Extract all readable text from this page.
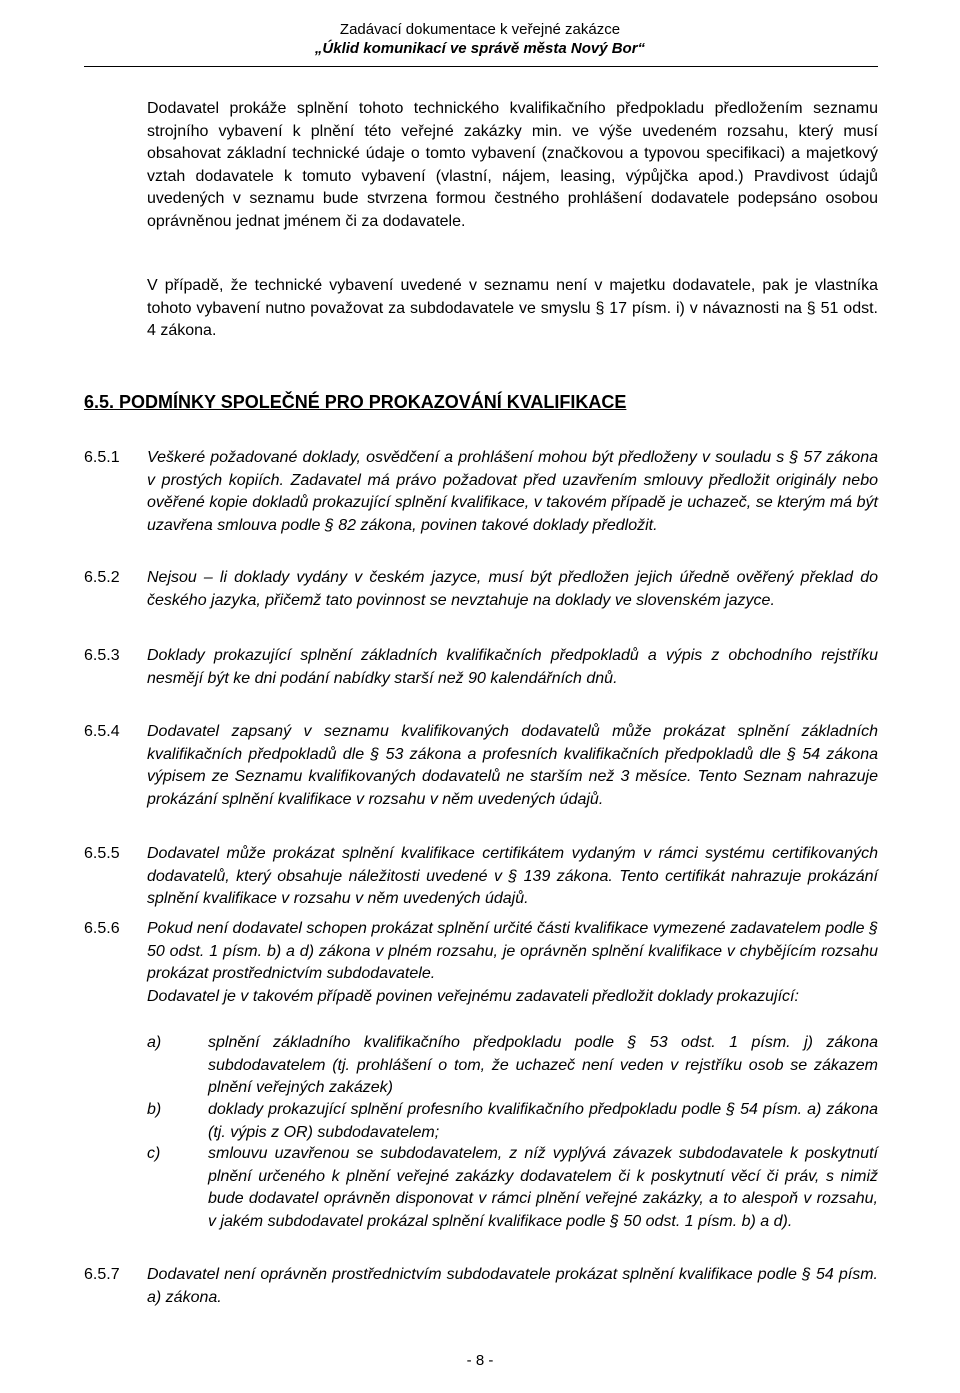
Zadávací dokumentace k veřejné zakázce
„Úklid komunikací ve správě města Nový Bor“
Dodavatel prokáže splnění tohoto technického kvalifikačního předpokladu předložením seznamu strojního vybavení k plnění této veřejné zakázky min. ve výše uvedeném rozsahu, který musí obsahovat základní technické údaje o tomto vybavení (značkovou a typovou specifikaci) a majetkový vztah dodavatele k tomuto vybavení (vlastní, nájem, leasing, výpůjčka apod.) Pravdivost údajů uvedených v seznamu bude stvrzena formou čestného prohlášení dodavatele podepsáno osobou oprávněnou jednat jménem či za dodavatele.
V případě, že technické vybavení uvedené v seznamu není v majetku dodavatele, pak je vlastníka tohoto vybavení nutno považovat za subdodavatele ve smyslu § 17 písm. i) v návaznosti na § 51 odst. 4 zákona.
6.5. PODMÍNKY SPOLEČNÉ PRO PROKAZOVÁNÍ KVALIFIKACE
6.5.1 Veškeré požadované doklady, osvědčení a prohlášení mohou být předloženy v souladu s § 57 zákona v prostých kopiích. Zadavatel má právo požadovat před uzavřením smlouvy předložit originály nebo ověřené kopie dokladů prokazující splnění kvalifikace, v takovém případě je uchazeč, se kterým má být uzavřena smlouva podle § 82 zákona, povinen takové doklady předložit.
6.5.2 Nejsou – li doklady vydány v českém jazyce, musí být předložen jejich úředně ověřený překlad do českého jazyka, přičemž tato povinnost se nevztahuje na doklady ve slovenském jazyce.
6.5.3 Doklady prokazující splnění základních kvalifikačních předpokladů a výpis z obchodního rejstříku nesmějí být ke dni podání nabídky starší než 90 kalendářních dnů.
6.5.4 Dodavatel zapsaný v seznamu kvalifikovaných dodavatelů může prokázat splnění základních kvalifikačních předpokladů dle § 53 zákona a profesních kvalifikačních předpokladů dle § 54 zákona výpisem ze Seznamu kvalifikovaných dodavatelů ne starším než 3 měsíce. Tento Seznam nahrazuje prokázání splnění kvalifikace v rozsahu v něm uvedených údajů.
6.5.5 Dodavatel může prokázat splnění kvalifikace certifikátem vydaným v rámci systému certifikovaných dodavatelů, který obsahuje náležitosti uvedené v § 139 zákona. Tento certifikát nahrazuje prokázání splnění kvalifikace v rozsahu v něm uvedených údajů.
6.5.6 Pokud není dodavatel schopen prokázat splnění určité části kvalifikace vymezené zadavatelem podle § 50 odst. 1 písm. b) a d) zákona v plném rozsahu, je oprávněn splnění kvalifikace v chybějícím rozsahu prokázat prostřednictvím subdodavatele.
Dodavatel je v takovém případě povinen veřejnému zadavateli předložit doklady prokazující:
a)	splnění základního kvalifikačního předpokladu podle § 53 odst. 1 písm. j) zákona subdodavatelem (tj. prohlášení o tom, že uchazeč není veden v rejstříku osob se zákazem plnění veřejných zakázek)
b)	doklady prokazující splnění profesního kvalifikačního předpokladu podle § 54 písm. a) zákona (tj. výpis z OR) subdodavatelem;
c)	smlouvu uzavřenou se subdodavatelem, z níž vyplývá závazek subdodavatele k poskytnutí plnění určeného k plnění veřejné zakázky dodavatelem či k poskytnutí věcí či práv, s nimiž bude dodavatel oprávněn disponovat v rámci plnění veřejné zakázky, a to alespoň v rozsahu, v jakém subdodavatel prokázal splnění kvalifikace podle § 50 odst. 1 písm. b) a d).
6.5.7 Dodavatel není oprávněn prostřednictvím subdodavatele prokázat splnění kvalifikace podle § 54 písm. a) zákona.
- 8 -
